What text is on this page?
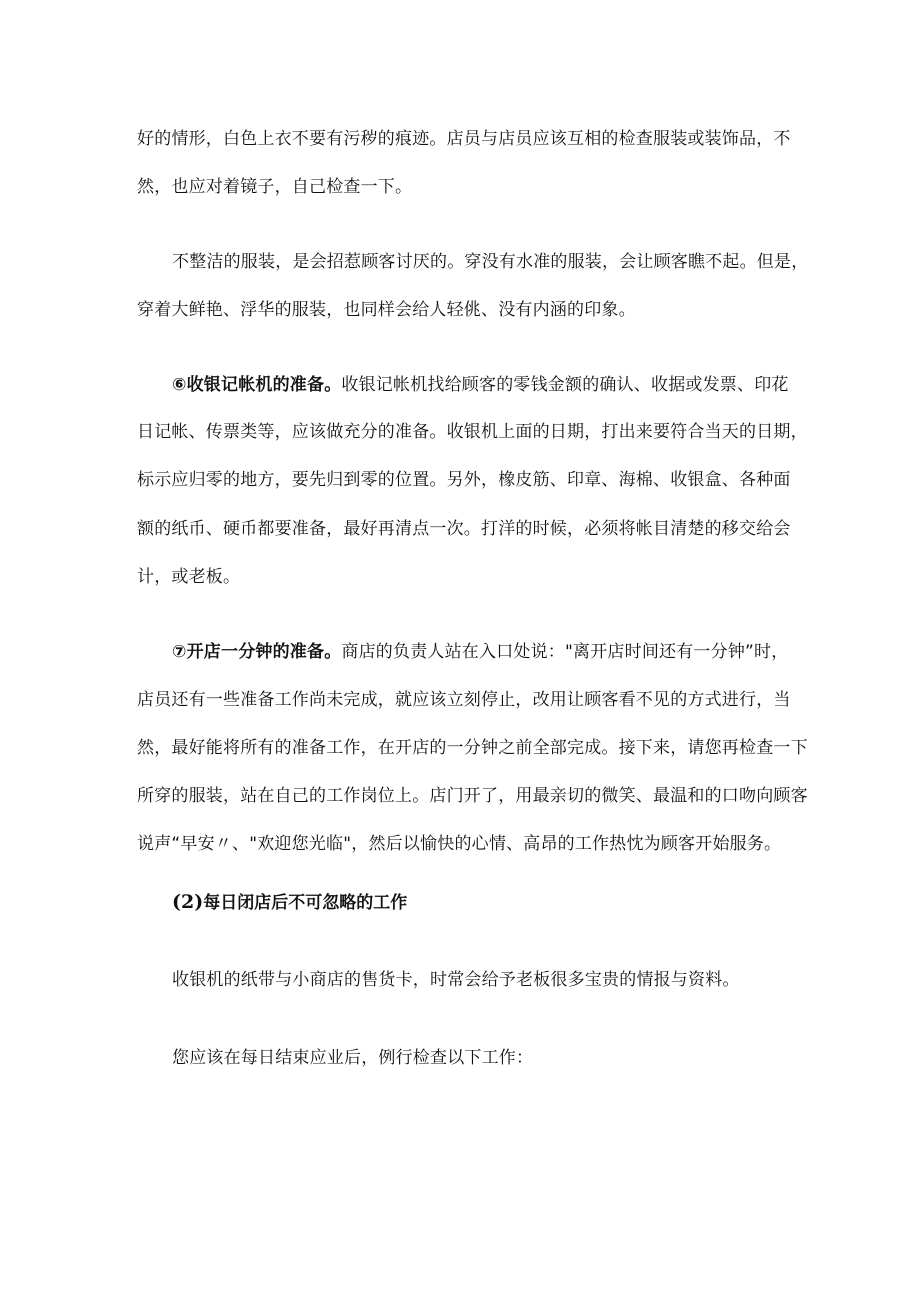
好的情形，白色上衣不要有污秽的痕迹。店员与店员应该互相的检查服装或装饰品，不
然，也应对着镜子，自己检查一下。
不整洁的服装，是会招惹顾客讨厌的。穿没有水准的服装，会让顾客瞧不起。但是，
穿着大鲜艳、浮华的服装，也同样会给人轻佻、没有内涵的印象。
⑥收银记帐机的准备。收银记帐机找给顾客的零钱金额的确认、收据或发票、印花
日记帐、传票类等，应该做充分的准备。收银机上面的日期，打出来要符合当天的日期，
标示应归零的地方，要先归到零的位置。另外，橡皮筋、印章、海棉、收银盒、各种面
额的纸币、硬币都要准备，最好再清点一次。打洋的时候，必须将帐目清楚的移交给会
计，或老板。
⑦开店一分钟的准备。商店的负责人站在入口处说："离开店时间还有一分钟”时，
店员还有一些准备工作尚未完成，就应该立刻停止，改用让顾客看不见的方式进行，当
然，最好能将所有的准备工作，在开店的一分钟之前全部完成。接下来，请您再检查一下
所穿的服装，站在自己的工作岗位上。店门开了，用最亲切的微笑、最温和的口吻向顾客
说声“早安〃、"欢迎您光临"，然后以愉快的心情、高昂的工作热忱为顾客开始服务。
(2)每日闭店后不可忽略的工作
收银机的纸带与小商店的售货卡，时常会给予老板很多宝贵的情报与资料。
您应该在每日结束应业后，例行检查以下工作：
